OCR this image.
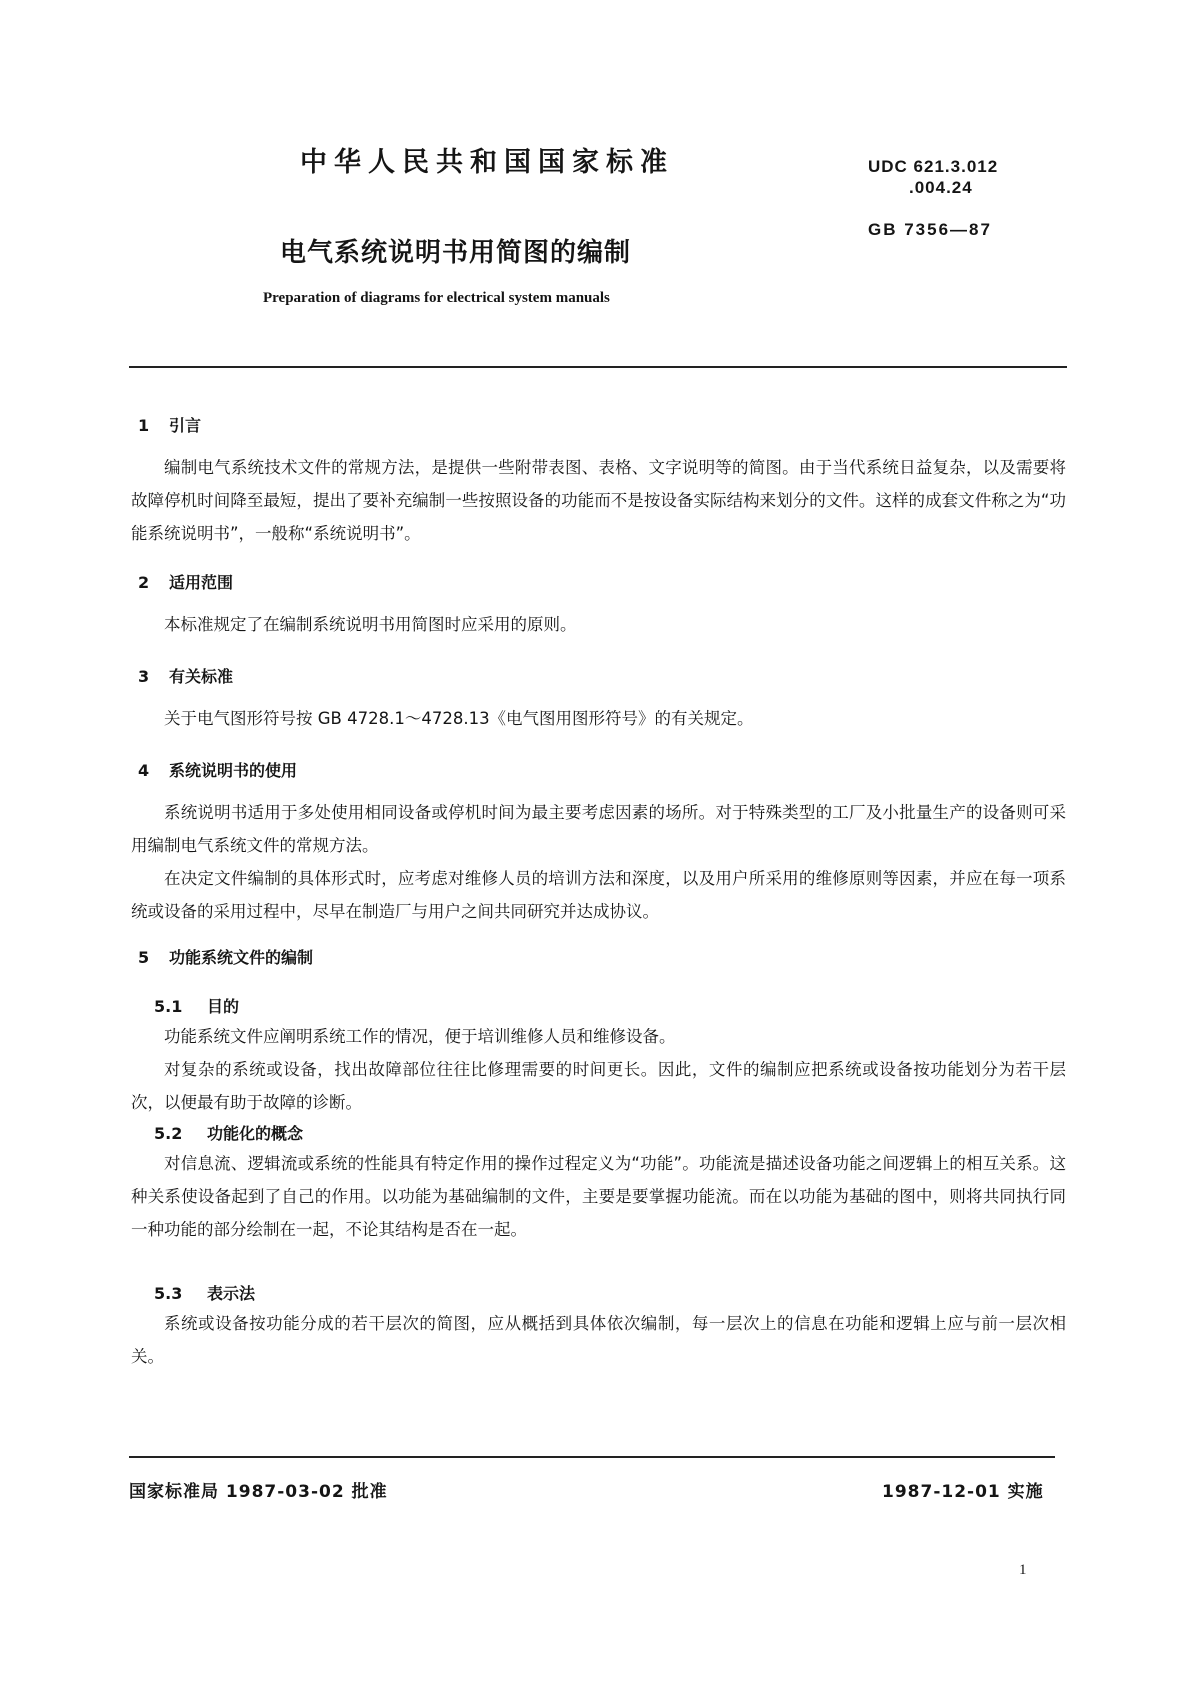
中华人民共和国国家标准	UDC 621.3.012
.004.24
GB 7356—87
电气系统说明书用简图的编制
Preparation of diagrams for electrical system manuals
1 引言
编制电气系统技术文件的常规方法，是提供一些附带表图、表格、文字说明等的简图。由于当代系统日益复杂，以及需要将故障停机时间降至最短，提出了要补充编制一些按照设备的功能而不是按设备实际结构来划分的文件。这样的成套文件称之为“功能系统说明书”，一般称“系统说明书”。
2 适用范围
本标准规定了在编制系统说明书用简图时应采用的原则。
3 有关标准
关于电气图形符号按 GB 4728.1～4728.13《电气图用图形符号》的有关规定。
4 系统说明书的使用
系统说明书适用于多处使用相同设备或停机时间为最主要考虑因素的场所。对于特殊类型的工厂及小批量生产的设备则可采用编制电气系统文件的常规方法。
在决定文件编制的具体形式时，应考虑对维修人员的培训方法和深度，以及用户所采用的维修原则等因素，并应在每一项系统或设备的采用过程中，尽早在制造厂与用户之间共同研究并达成协议。
5 功能系统文件的编制
5.1 目的
功能系统文件应阐明系统工作的情况，便于培训维修人员和维修设备。
对复杂的系统或设备，找出故障部位往往比修理需要的时间更长。因此，文件的编制应把系统或设备按功能划分为若干层次，以便最有助于故障的诊断。
5.2 功能化的概念
对信息流、逻辑流或系统的性能具有特定作用的操作过程定义为“功能”。功能流是描述设备功能之间逻辑上的相互关系。这种关系使设备起到了自己的作用。以功能为基础编制的文件，主要是要掌握功能流。而在以功能为基础的图中，则将共同执行同一种功能的部分绘制在一起，不论其结构是否在一起。
5.3 表示法
系统或设备按功能分成的若干层次的简图，应从概括到具体依次编制，每一层次上的信息在功能和逻辑上应与前一层次相关。
国家标准局 1987-03-02 批准	1987-12-01 实施
1
